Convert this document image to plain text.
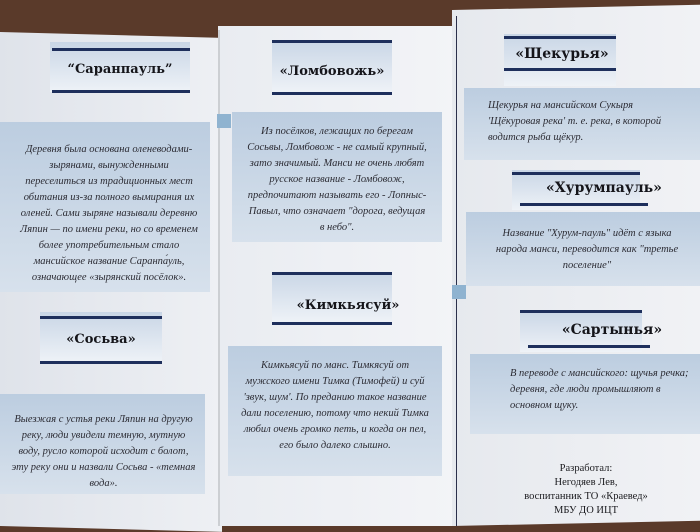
“Саранпауль”
Деревня была основана оленеводами-зырянами, вынужденными переселиться из традиционных мест обитания из-за полного вымирания их оленей. Сами зыряне называли деревню Ляпин — по имени реки, но со временем более употребительным стало мансийское название Саранпа́уль, означающее «зырянский посёлок».
«Сосьва»
Выезжая с устья реки Ляпин на другую реку, люди увидели темную, мутную воду, русло которой исходит с болот, эту реку они и назвали Сосьва - «темная вода».
«Ломбовожь»
Из посёлков, лежащих по берегам Сосьвы, Ломбовож - не самый крупный, зато значимый. Манси не очень любят русское название - Ломбовож, предпочитают называть его - Лопныс-Павыл, что означает "дорога, ведущая в небо".
«Кимкьясуй»
Кимкьясуй по манс. Тимкясуй от мужского имени Тимка (Тимофей) и суй 'звук, шум'. По преданию такое название дали поселению, потому что некий Тимка любил очень громко петь, и когда он пел, его было далеко слышно.
«Щекурья»
Щекурья на мансийском Сукыря 'Щёкуровая река' т. е. река, в которой водится рыба щёкур.
«Хурумпауль»
Название "Хурум-пауль" идёт с языка народа манси, переводится как "третье поселение"
«Сартынья»
В переводе с мансийского: щучья речка; деревня, где люди промышляют в основном щуку.
Разработал:
Негодяев Лев,
воспитанник ТО «Краевед»
МБУ ДО ИЦТ
